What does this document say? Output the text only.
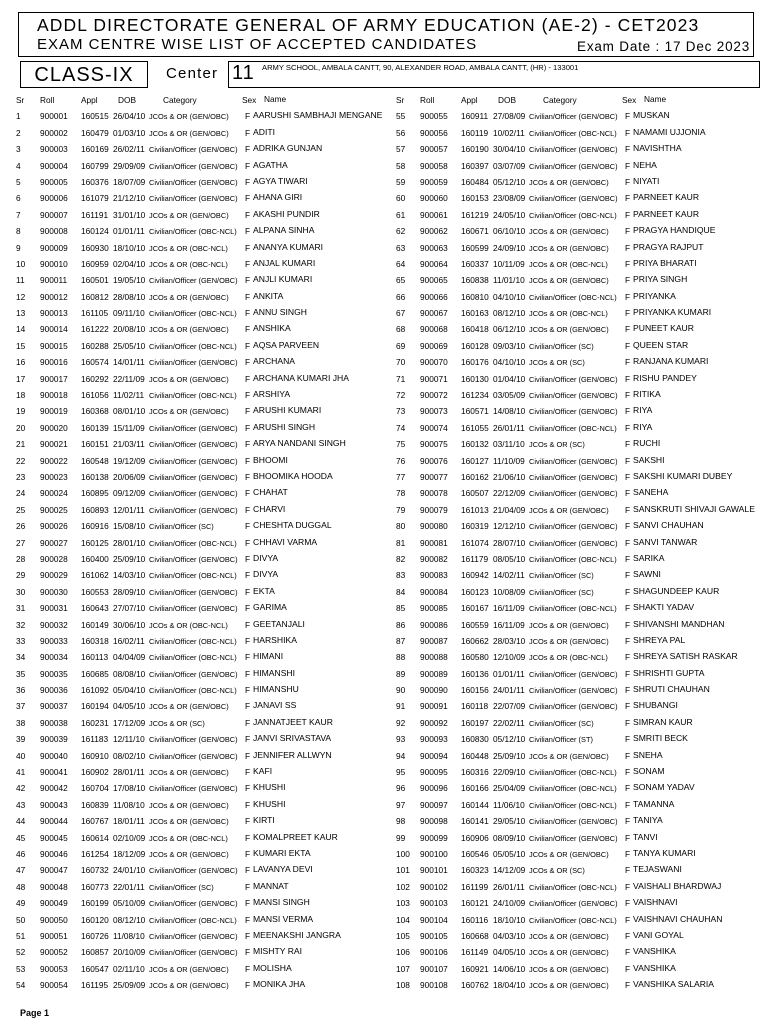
ADDL DIRECTORATE GENERAL OF ARMY EDUCATION (AE-2) - CET2023
EXAM CENTRE WISE LIST OF ACCEPTED CANDIDATES	Exam Date : 17 Dec 2023
CLASS-IX	Center 11 ARMY SCHOOL, AMBALA CANTT, 90, ALEXANDER ROAD, AMBALA CANTT, (HR) - 133001
Sr Roll	Appl DOB	Category	Sex Name
1 900001 160515 26/04/10 JCOs & OR (GEN/OBC) F AARUSHI SAMBHAJI MENGANE
2 900002 160479 01/03/10 JCOs & OR (GEN/OBC) F ADITI
3 900003 160169 26/02/11 Civilian/Officer (GEN/OBC) F ADRIKA GUNJAN
4 900004 160799 29/09/09 Civilian/Officer (GEN/OBC) F AGATHA
5 900005 160376 18/07/09 Civilian/Officer (GEN/OBC) F AGYA TIWARI
6 900006 161079 21/12/10 Civilian/Officer (GEN/OBC) F AHANA GIRI
7 900007 161191 31/01/10 JCOs & OR (GEN/OBC) F AKASHI PUNDIR
8 900008 160124 01/01/11 Civilian/Officer (OBC-NCL) F ALPANA SINHA
9 900009 160930 18/10/10 JCOs & OR (OBC-NCL) F ANANYA KUMARI
10 900010 160959 02/04/10 JCOs & OR (OBC-NCL) F ANJAL KUMARI
11 900011 160501 19/05/10 Civilian/Officer (GEN/OBC) F ANJLI KUMARI
12 900012 160812 28/08/10 JCOs & OR (GEN/OBC) F ANKITA
13 900013 161105 09/11/10 Civilian/Officer (OBC-NCL) F ANNU SINGH
14 900014 161222 20/08/10 JCOs & OR (GEN/OBC) F ANSHIKA
15 900015 160288 25/05/10 Civilian/Officer (OBC-NCL) F AQSA PARVEEN
16 900016 160574 14/01/11 Civilian/Officer (GEN/OBC) F ARCHANA
17 900017 160292 22/11/09 JCOs & OR (GEN/OBC) F ARCHANA KUMARI JHA
18 900018 161056 11/02/11 Civilian/Officer (OBC-NCL) F ARSHIYA
19 900019 160368 08/01/10 JCOs & OR (GEN/OBC) F ARUSHI KUMARI
20 900020 160139 15/11/09 Civilian/Officer (GEN/OBC) F ARUSHI SINGH
21 900021 160151 21/03/11 Civilian/Officer (GEN/OBC) F ARYA NANDANI SINGH
22 900022 160548 19/12/09 Civilian/Officer (GEN/OBC) F BHOOMI
23 900023 160138 20/06/09 Civilian/Officer (GEN/OBC) F BHOOMIKA HOODA
24 900024 160895 09/12/09 Civilian/Officer (GEN/OBC) F CHAHAT
25 900025 160893 12/01/11 Civilian/Officer (GEN/OBC) F CHARVI
26 900026 160916 15/08/10 Civilian/Officer (SC)	F CHESHTA DUGGAL
27 900027 160125 28/01/10 Civilian/Officer (OBC-NCL) F CHHAVI VARMA
28 900028 160400 25/09/10 Civilian/Officer (GEN/OBC) F DIVYA
29 900029 161062 14/03/10 Civilian/Officer (OBC-NCL) F DIVYA
30 900030 160553 28/09/10 Civilian/Officer (GEN/OBC) F EKTA
31 900031 160643 27/07/10 Civilian/Officer (GEN/OBC) F GARIMA
32 900032 160149 30/06/10 JCOs & OR (OBC-NCL) F GEETANJALI
33 900033 160318 16/02/11 Civilian/Officer (OBC-NCL) F HARSHIKA
34 900034 160113 04/04/09 Civilian/Officer (OBC-NCL) F HIMANI
35 900035 160685 08/08/10 Civilian/Officer (GEN/OBC) F HIMANSHI
36 900036 161092 05/04/10 Civilian/Officer (OBC-NCL) F HIMANSHU
37 900037 160194 04/05/10 JCOs & OR (GEN/OBC) F JANAVI SS
38 900038 160231 17/12/09 JCOs & OR (SC)	F JANNATJEET KAUR
39 900039 161183 12/11/10 Civilian/Officer (GEN/OBC) F JANVI SRIVASTAVA
40 900040 160910 08/02/10 Civilian/Officer (GEN/OBC) F JENNIFER ALLWYN
41 900041 160902 28/01/11 JCOs & OR (GEN/OBC) F KAFI
42 900042 160704 17/08/10 Civilian/Officer (GEN/OBC) F KHUSHI
43 900043 160839 11/08/10 JCOs & OR (GEN/OBC) F KHUSHI
44 900044 160767 18/01/11 JCOs & OR (GEN/OBC) F KIRTI
45 900045 160614 02/10/09 JCOs & OR (OBC-NCL) F KOMALPREET KAUR
46 900046 161254 18/12/09 JCOs & OR (GEN/OBC) F KUMARI EKTA
47 900047 160732 24/01/10 Civilian/Officer (GEN/OBC) F LAVANYA DEVI
48 900048 160773 22/01/11 Civilian/Officer (SC)	F MANNAT
49 900049 160199 05/10/09 Civilian/Officer (GEN/OBC) F MANSI SINGH
50 900050 160120 08/12/10 Civilian/Officer (OBC-NCL) F MANSI VERMA
51 900051 160726 11/08/10 Civilian/Officer (GEN/OBC) F MEENAKSHI JANGRA
52 900052 160857 20/10/09 Civilian/Officer (GEN/OBC) F MISHTY RAI
53 900053 160547 02/11/10 JCOs & OR (GEN/OBC) F MOLISHA
54 900054 161195 25/09/09 JCOs & OR (GEN/OBC) F MONIKA JHA
Sr Roll	Appl DOB	Category	Sex Name
55 900055 160911 27/08/09 Civilian/Officer (GEN/OBC) F MUSKAN
56 900056 160119 10/02/11 Civilian/Officer (OBC-NCL) F NAMAMI UJJONIA
57 900057 160190 30/04/10 Civilian/Officer (GEN/OBC) F NAVISHTHA
58 900058 160397 03/07/09 Civilian/Officer (GEN/OBC) F NEHA
59 900059 160484 05/12/10 JCOs & OR (GEN/OBC) F NIYATI
60 900060 160153 23/08/09 Civilian/Officer (GEN/OBC) F PARNEET KAUR
61 900061 161219 24/05/10 Civilian/Officer (OBC-NCL) F PARNEET KAUR
62 900062 160671 06/10/10 JCOs & OR (GEN/OBC) F PRAGYA HANDIQUE
63 900063 160599 24/09/10 JCOs & OR (GEN/OBC) F PRAGYA RAJPUT
64 900064 160337 10/11/09 JCOs & OR (OBC-NCL) F PRIYA BHARATI
65 900065 160838 11/01/10 JCOs & OR (GEN/OBC) F PRIYA SINGH
66 900066 160810 04/10/10 Civilian/Officer (OBC-NCL) F PRIYANKA
67 900067 160163 08/12/10 JCOs & OR (OBC-NCL) F PRIYANKA KUMARI
68 900068 160418 06/12/10 JCOs & OR (GEN/OBC) F PUNEET KAUR
69 900069 160128 09/03/10 Civilian/Officer (SC)	F QUEEN STAR
70 900070 160176 04/10/10 JCOs & OR (SC)	F RANJANA KUMARI
71 900071 160130 01/04/10 Civilian/Officer (GEN/OBC) F RISHU PANDEY
72 900072 161234 03/05/09 Civilian/Officer (GEN/OBC) F RITIKA
73 900073 160571 14/08/10 Civilian/Officer (GEN/OBC) F RIYA
74 900074 161055 26/01/11 Civilian/Officer (OBC-NCL) F RIYA
75 900075 160132 03/11/10 JCOs & OR (SC)	F RUCHI
76 900076 160127 11/10/09 Civilian/Officer (GEN/OBC) F SAKSHI
77 900077 160162 21/06/10 Civilian/Officer (GEN/OBC) F SAKSHI KUMARI DUBEY
78 900078 160507 22/12/09 Civilian/Officer (GEN/OBC) F SANEHA
79 900079 161013 21/04/09 JCOs & OR (GEN/OBC) F SANSKRUTI SHIVAJI GAWALE
80 900080 160319 12/12/10 Civilian/Officer (GEN/OBC) F SANVI CHAUHAN
81 900081 161074 28/07/10 Civilian/Officer (GEN/OBC) F SANVI TANWAR
82 900082 161179 08/05/10 Civilian/Officer (OBC-NCL) F SARIKA
83 900083 160942 14/02/11 Civilian/Officer (SC)	F SAWNI
84 900084 160123 10/08/09 Civilian/Officer (SC)	F SHAGUNDEEP KAUR
85 900085 160167 16/11/09 Civilian/Officer (OBC-NCL) F SHAKTI YADAV
86 900086 160559 16/11/09 JCOs & OR (GEN/OBC) F SHIVANSHI MANDHAN
87 900087 160662 28/03/10 JCOs & OR (GEN/OBC) F SHREYA PAL
88 900088 160580 12/10/09 JCOs & OR (OBC-NCL) F SHREYA SATISH RASKAR
89 900089 160136 01/01/11 Civilian/Officer (GEN/OBC) F SHRISHTI GUPTA
90 900090 160156 24/01/11 Civilian/Officer (GEN/OBC) F SHRUTI CHAUHAN
91 900091 160118 22/07/09 Civilian/Officer (GEN/OBC) F SHUBANGI
92 900092 160197 22/02/11 Civilian/Officer (SC)	F SIMRAN KAUR
93 900093 160830 05/12/10 Civilian/Officer (ST)	F SMRITI BECK
94 900094 160448 25/09/10 JCOs & OR (GEN/OBC) F SNEHA
95 900095 160316 22/09/10 Civilian/Officer (OBC-NCL) F SONAM
96 900096 160166 25/04/09 Civilian/Officer (OBC-NCL) F SONAM YADAV
97 900097 160144 11/06/10 Civilian/Officer (OBC-NCL) F TAMANNA
98 900098 160141 29/05/10 Civilian/Officer (GEN/OBC) F TANIYA
99 900099 160906 08/09/10 Civilian/Officer (GEN/OBC) F TANVI
100 900100 160546 05/05/10 JCOs & OR (GEN/OBC) F TANYA KUMARI
101 900101 160323 14/12/09 JCOs & OR (SC)	F TEJASWANI
102 900102 161199 26/01/11 Civilian/Officer (OBC-NCL) F VAISHALI BHARDWAJ
103 900103 160121 24/10/09 Civilian/Officer (GEN/OBC) F VAISHNAVI
104 900104 160116 18/10/10 Civilian/Officer (OBC-NCL) F VAISHNAVI CHAUHAN
105 900105 160668 04/03/10 JCOs & OR (GEN/OBC) F VANI GOYAL
106 900106 161149 04/05/10 JCOs & OR (GEN/OBC) F VANSHIKA
107 900107 160921 14/06/10 JCOs & OR (GEN/OBC) F VANSHIKA
108 900108 160762 18/04/10 JCOs & OR (GEN/OBC) F VANSHIKA SALARIA
Page 1
